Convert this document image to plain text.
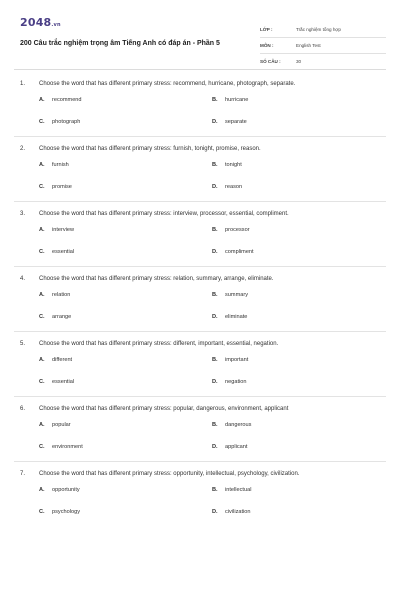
2048.vn
200 Câu trắc nghiệm trọng âm Tiếng Anh có đáp án - Phần 5
LỚP :	Trắc nghiệm tổng hợp
MÔN :	English Test
SỐ CÂU :	30
1. Choose the word that has different primary stress: recommend, hurricane, photograph, separate.
A. recommend	B. hurricane
C. photograph	D. separate
2. Choose the word that has different primary stress: furnish, tonight, promise, reason.
A. furnish	B. tonight
C. promise	D. reason
3. Choose the word that has different primary stress: interview, processor, essential, compliment.
A. interview	B. processor
C. essential	D. compliment
4. Choose the word that has different primary stress: relation, summary, arrange, eliminate.
A. relation	B. summary
C. arrange	D. eliminate
5. Choose the word that has different primary stress: different, important, essential, negation.
A. different	B. important
C. essential	D. negation
6. Choose the word that has different primary stress: popular, dangerous, environment, applicant
A. popular	B. dangerous
C. environment	D. applicant
7. Choose the word that has different primary stress: opportunity, intellectual, psychology, civilization.
A. opportunity	B. intellectual
C. psychology	D. civilization
